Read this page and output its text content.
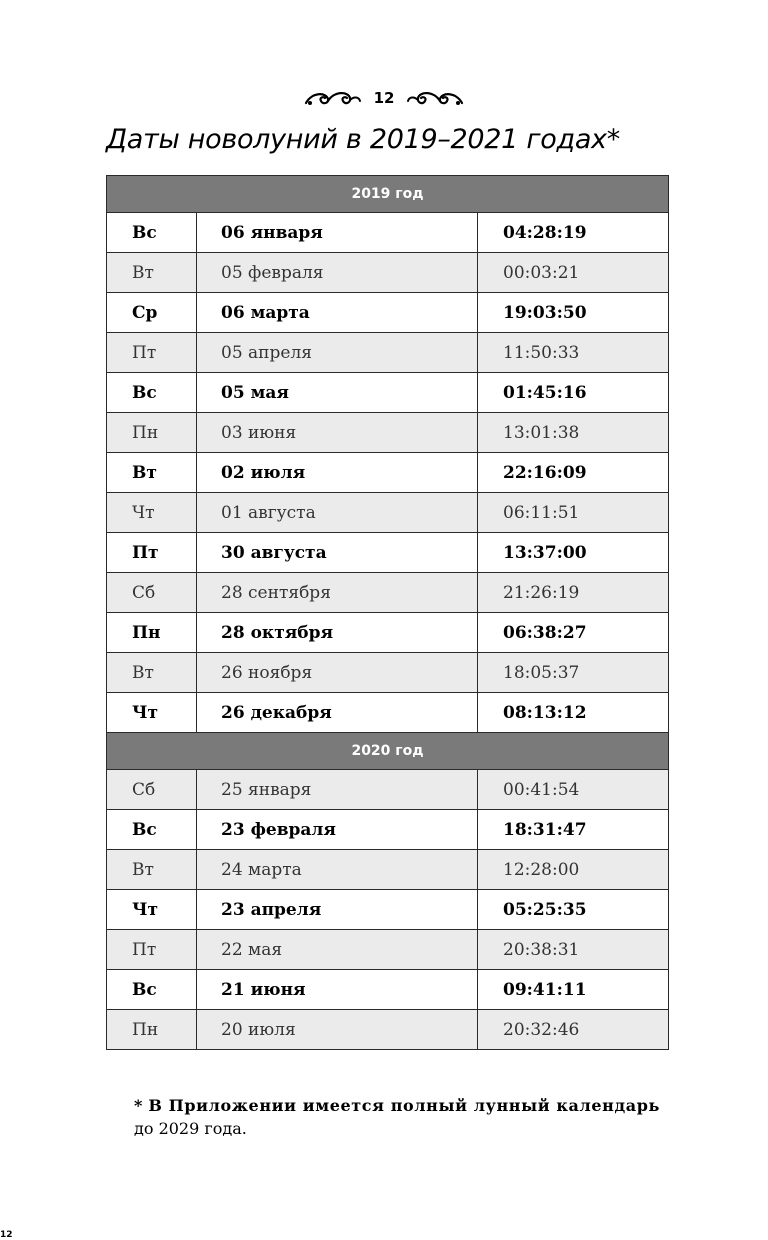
12
Даты новолуний в 2019–2021 годах*
2019 год		
Вс	06 января	04:28:19
Вт	05 февраля	00:03:21
Ср	06 марта	19:03:50
Пт	05 апреля	11:50:33
Вс	05 мая	01:45:16
Пн	03 июня	13:01:38
Вт	02 июля	22:16:09
Чт	01 августа	06:11:51
Пт	30 августа	13:37:00
Сб	28 сентября	21:26:19
Пн	28 октября	06:38:27
Вт	26 ноября	18:05:37
Чт	26 декабря	08:13:12
2020 год		
Сб	25 января	00:41:54
Вс	23 февраля	18:31:47
Вт	24 марта	12:28:00
Чт	23 апреля	05:25:35
Пт	22 мая	20:38:31
Вс	21 июня	09:41:11
Пн	20 июля	20:32:46
* В Приложении имеется полный лунный календарь
до 2029 года.
12
